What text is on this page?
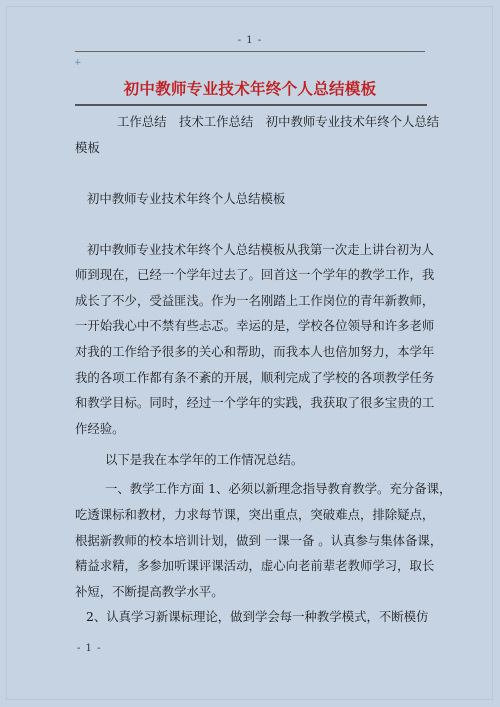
- 1 -
+
初中教师专业技术年终个人总结模板
工作总结　技术工作总结　初中教师专业技术年终个人总结
模板
初中教师专业技术年终个人总结模板
初中教师专业技术年终个人总结模板从我第一次走上讲台初为人
师到现在，已经一个学年过去了。回首这一个学年的教学工作，我
成长了不少，受益匪浅。作为一名刚踏上工作岗位的青年新教师，
一开始我心中不禁有些忐忑。幸运的是，学校各位领导和许多老师
对我的工作给予很多的关心和帮助，而我本人也倍加努力，本学年
我的各项工作都有条不紊的开展，顺利完成了学校的各项教学任务
和教学目标。同时，经过一个学年的实践，我获取了很多宝贵的工
作经验。
以下是我在本学年的工作情况总结。
一、教学工作方面 1、必须以新理念指导教育教学。充分备课，
吃透课标和教材，力求每节课，突出重点，突破难点，排除疑点，
根据新教师的校本培训计划，做到 一课一备 。认真参与集体备课，
精益求精，多参加听课评课活动，虚心向老前辈老教师学习，取长
补短，不断提高教学水平。
2、认真学习新课标理论，做到学会每一种教学模式，不断模仿
- 1 -
